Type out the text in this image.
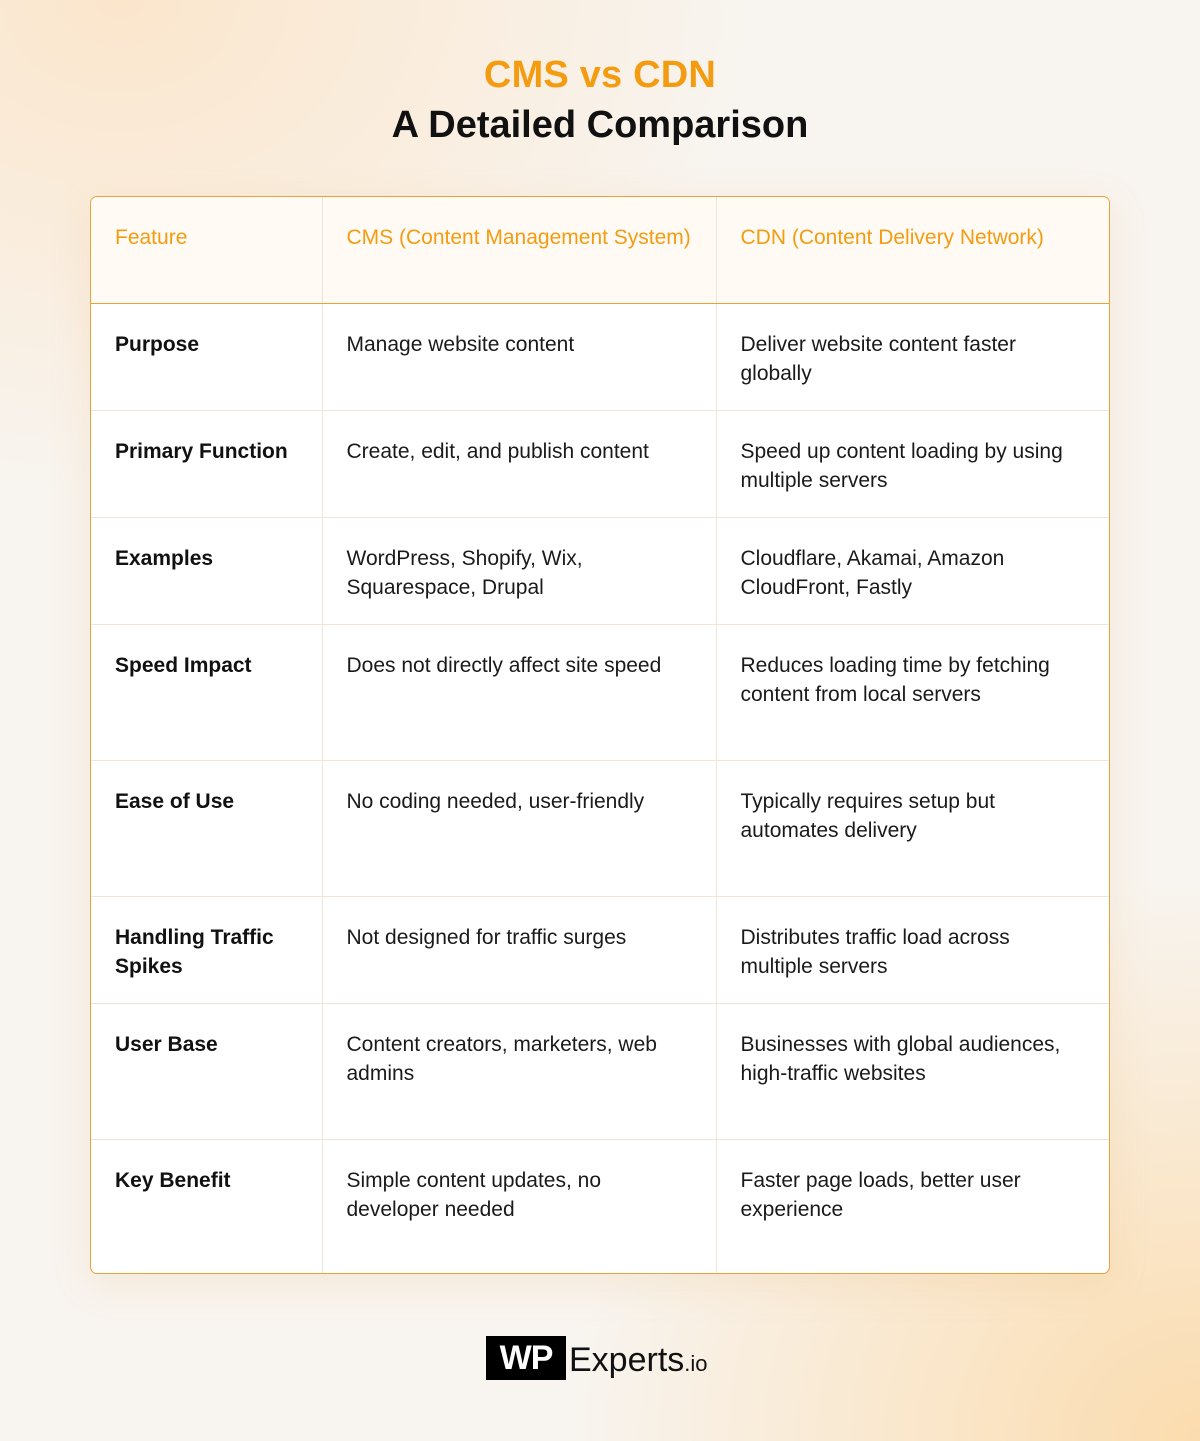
CMS vs CDN
A Detailed Comparison
Feature	CMS (Content Management System)	CDN (Content Delivery Network)
Purpose	Manage website content	Deliver website content faster globally
Primary Function	Create, edit, and publish content	Speed up content loading by using multiple servers
Examples	WordPress, Shopify, Wix, Squarespace, Drupal	Cloudflare, Akamai, Amazon CloudFront, Fastly
Speed Impact	Does not directly affect site speed	Reduces loading time by fetching content from local servers
Ease of Use	No coding needed, user-friendly	Typically requires setup but automates delivery
Handling Traffic Spikes	Not designed for traffic surges	Distributes traffic load across multiple servers
User Base	Content creators, marketers, web admins	Businesses with global audiences, high-traffic websites
Key Benefit	Simple content updates, no developer needed	Faster page loads, better user experience
WP Experts .io
